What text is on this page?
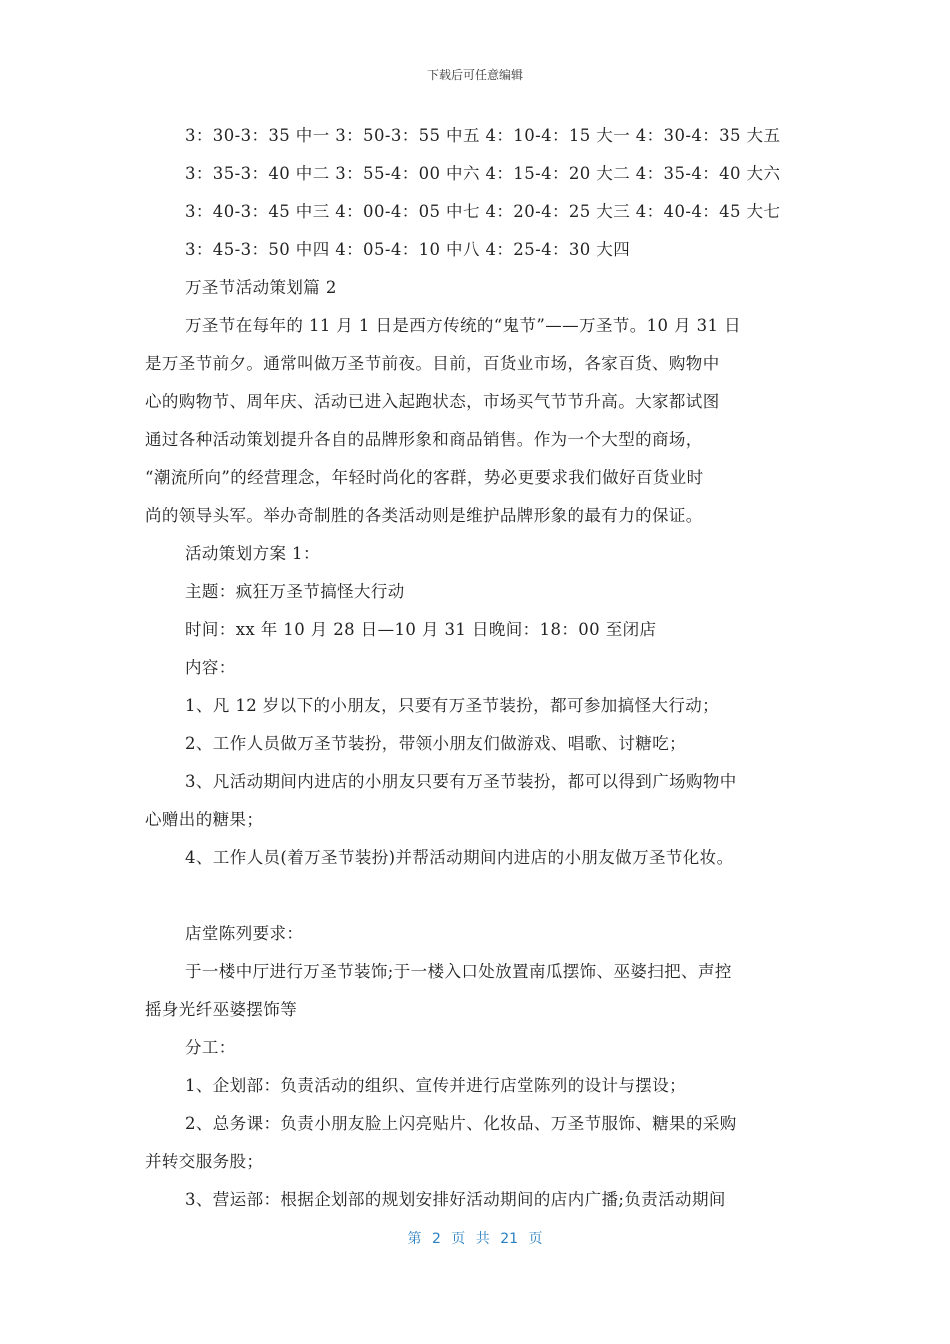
下载后可任意编辑
3：30-3：35 中一 3：50-3：55 中五 4：10-4：15 大一 4：30-4：35 大五
3：35-3：40 中二 3：55-4：00 中六 4：15-4：20 大二 4：35-4：40 大六
3：40-3：45 中三 4：00-4：05 中七 4：20-4：25 大三 4：40-4：45 大七
3：45-3：50 中四 4：05-4：10 中八 4：25-4：30 大四
万圣节活动策划篇 2
万圣节在每年的 11 月 1 日是西方传统的“鬼节”——万圣节。10 月 31 日
是万圣节前夕。通常叫做万圣节前夜。目前，百货业市场，各家百货、购物中
心的购物节、周年庆、活动已进入起跑状态，市场买气节节升高。大家都试图
通过各种活动策划提升各自的品牌形象和商品销售。作为一个大型的商场，
“潮流所向”的经营理念，年轻时尚化的客群，势必更要求我们做好百货业时
尚的领导头军。举办奇制胜的各类活动则是维护品牌形象的最有力的保证。
活动策划方案 1：
主题：疯狂万圣节搞怪大行动
时间：xx 年 10 月 28 日—10 月 31 日晚间：18：00 至闭店
内容：
1、凡 12 岁以下的小朋友，只要有万圣节装扮，都可参加搞怪大行动；
2、工作人员做万圣节装扮，带领小朋友们做游戏、唱歌、讨糖吃；
3、凡活动期间内进店的小朋友只要有万圣节装扮，都可以得到广场购物中
心赠出的糖果；
4、工作人员(着万圣节装扮)并帮活动期间内进店的小朋友做万圣节化妆。
店堂陈列要求：
于一楼中厅进行万圣节装饰;于一楼入口处放置南瓜摆饰、巫婆扫把、声控
摇身光纤巫婆摆饰等
分工：
1、企划部：负责活动的组织、宣传并进行店堂陈列的设计与摆设；
2、总务课：负责小朋友脸上闪亮贴片、化妆品、万圣节服饰、糖果的采购
并转交服务股；
3、营运部：根据企划部的规划安排好活动期间的店内广播;负责活动期间
第 2 页 共 21 页
